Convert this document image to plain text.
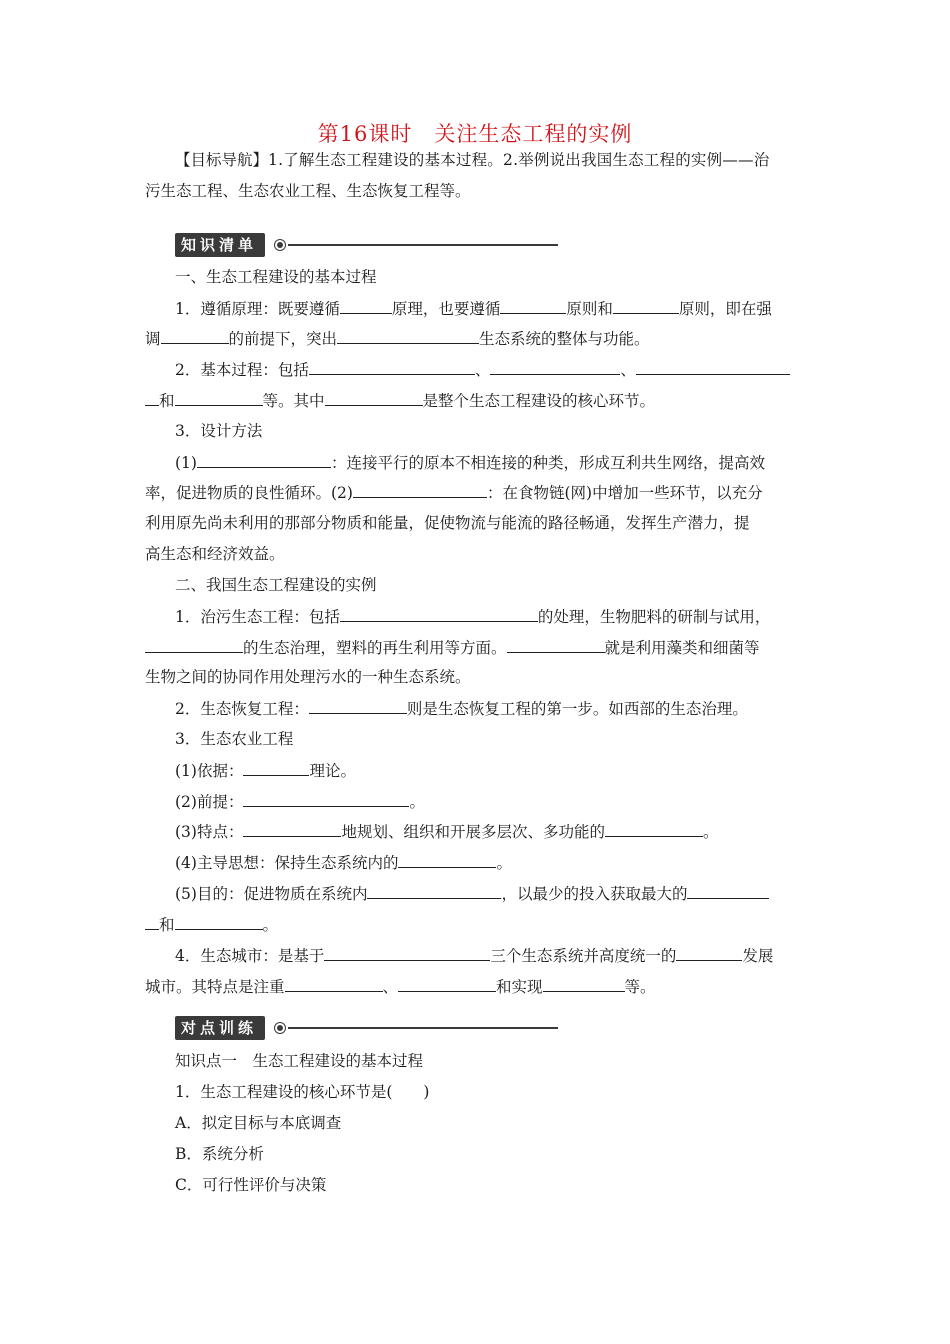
第16课时　关注生态工程的实例
【目标导航】1.了解生态工程建设的基本过程。2.举例说出我国生态工程的实例——治
污生态工程、生态农业工程、生态恢复工程等。
知识清单
一、生态工程建设的基本过程
1．遵循原理：既要遵循	原理，也要遵循	原则和	原则，即在强
调	的前提下，突出	生态系统的整体与功能。
2．基本过程：包括	、	、
和	等。其中	是整个生态工程建设的核心环节。
3．设计方法
(1)	：连接平行的原本不相连接的种类，形成互利共生网络，提高效
率，促进物质的良性循环。(2)	：在食物链(网)中增加一些环节，以充分
利用原先尚未利用的那部分物质和能量，促使物流与能流的路径畅通，发挥生产潜力，提
高生态和经济效益。
二、我国生态工程建设的实例
1．治污生态工程：包括	的处理，生物肥料的研制与试用，
的生态治理，塑料的再生利用等方面。	就是利用藻类和细菌等
生物之间的协同作用处理污水的一种生态系统。
2．生态恢复工程：	则是生态恢复工程的第一步。如西部的生态治理。
3．生态农业工程
(1)依据：	理论。
(2)前提：	。
(3)特点：	地规划、组织和开展多层次、多功能的	。
(4)主导思想：保持生态系统内的	。
(5)目的：促进物质在系统内	，以最少的投入获取最大的
和	。
4．生态城市：是基于	三个生态系统并高度统一的	发展
城市。其特点是注重	、	和实现	等。
对点训练
知识点一　生态工程建设的基本过程
1．生态工程建设的核心环节是(　　)
A．拟定目标与本底调查
B．系统分析
C．可行性评价与决策
